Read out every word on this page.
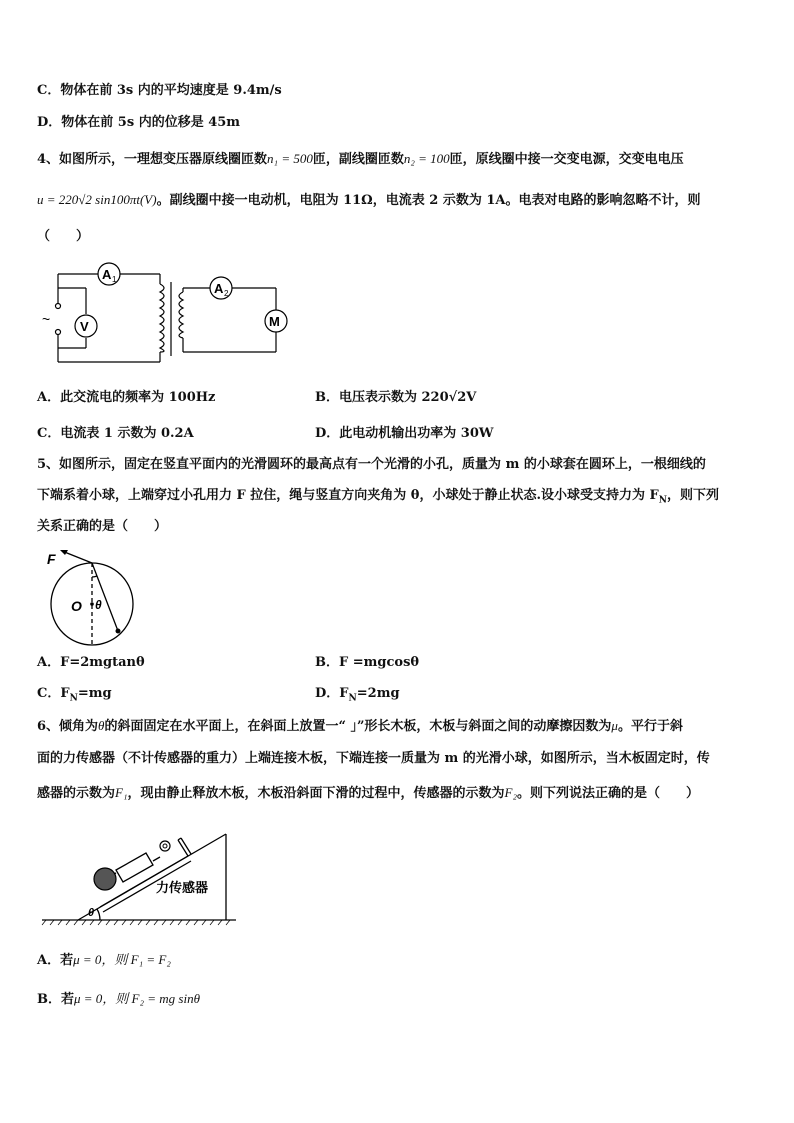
C．物体在前 3s 内的平均速度是 9.4m/s
D．物体在前 5s 内的位移是 45m
4、如图所示，一理想变压器原线圈匝数n₁ = 500匝，副线圈匝数n₂ = 100匝，原线圈中接一交变电源，交变电电压
u = 220√2 sin100πt(V)。副线圈中接一电动机，电阻为 11Ω，电流表 2 示数为 1A。电表对电路的影响忽略不计，则
（　　）
A 1
A 2
V	M
~
A．此交流电的频率为 100Hz	B．电压表示数为 220√2V
C．电流表 1 示数为 0.2A	D．此电动机输出功率为 30W
5、如图所示，固定在竖直平面内的光滑圆环的最高点有一个光滑的小孔，质量为 m 的小球套在圆环上，一根细线的
下端系着小球，上端穿过小孔用力 F 拉住，绳与竖直方向夹角为 θ，小球处于静止状态.设小球受支持力为 $F_N$，则下列
关系正确的是（　　）
F
O θ
A．F=2mgtanθ	B．F =mgcosθ
C．$F_N=mg$	D．$F_N=2mg$
6、倾角为θ的斜面固定在水平面上，在斜面上放置一“ 」”形长木板，木板与斜面之间的动摩擦因数为μ。平行于斜
面的力传感器（不计传感器的重力）上端连接木板，下端连接一质量为 m 的光滑小球，如图所示，当木板固定时，传
感器的示数为F₁，现由静止释放木板，木板沿斜面下滑的过程中，传感器的示数为F₂。则下列说法正确的是（　　）
力传感器
θ
A．若μ = 0，则 F₁ = F₂
B．若μ = 0，则 F₂ = mg sinθ
